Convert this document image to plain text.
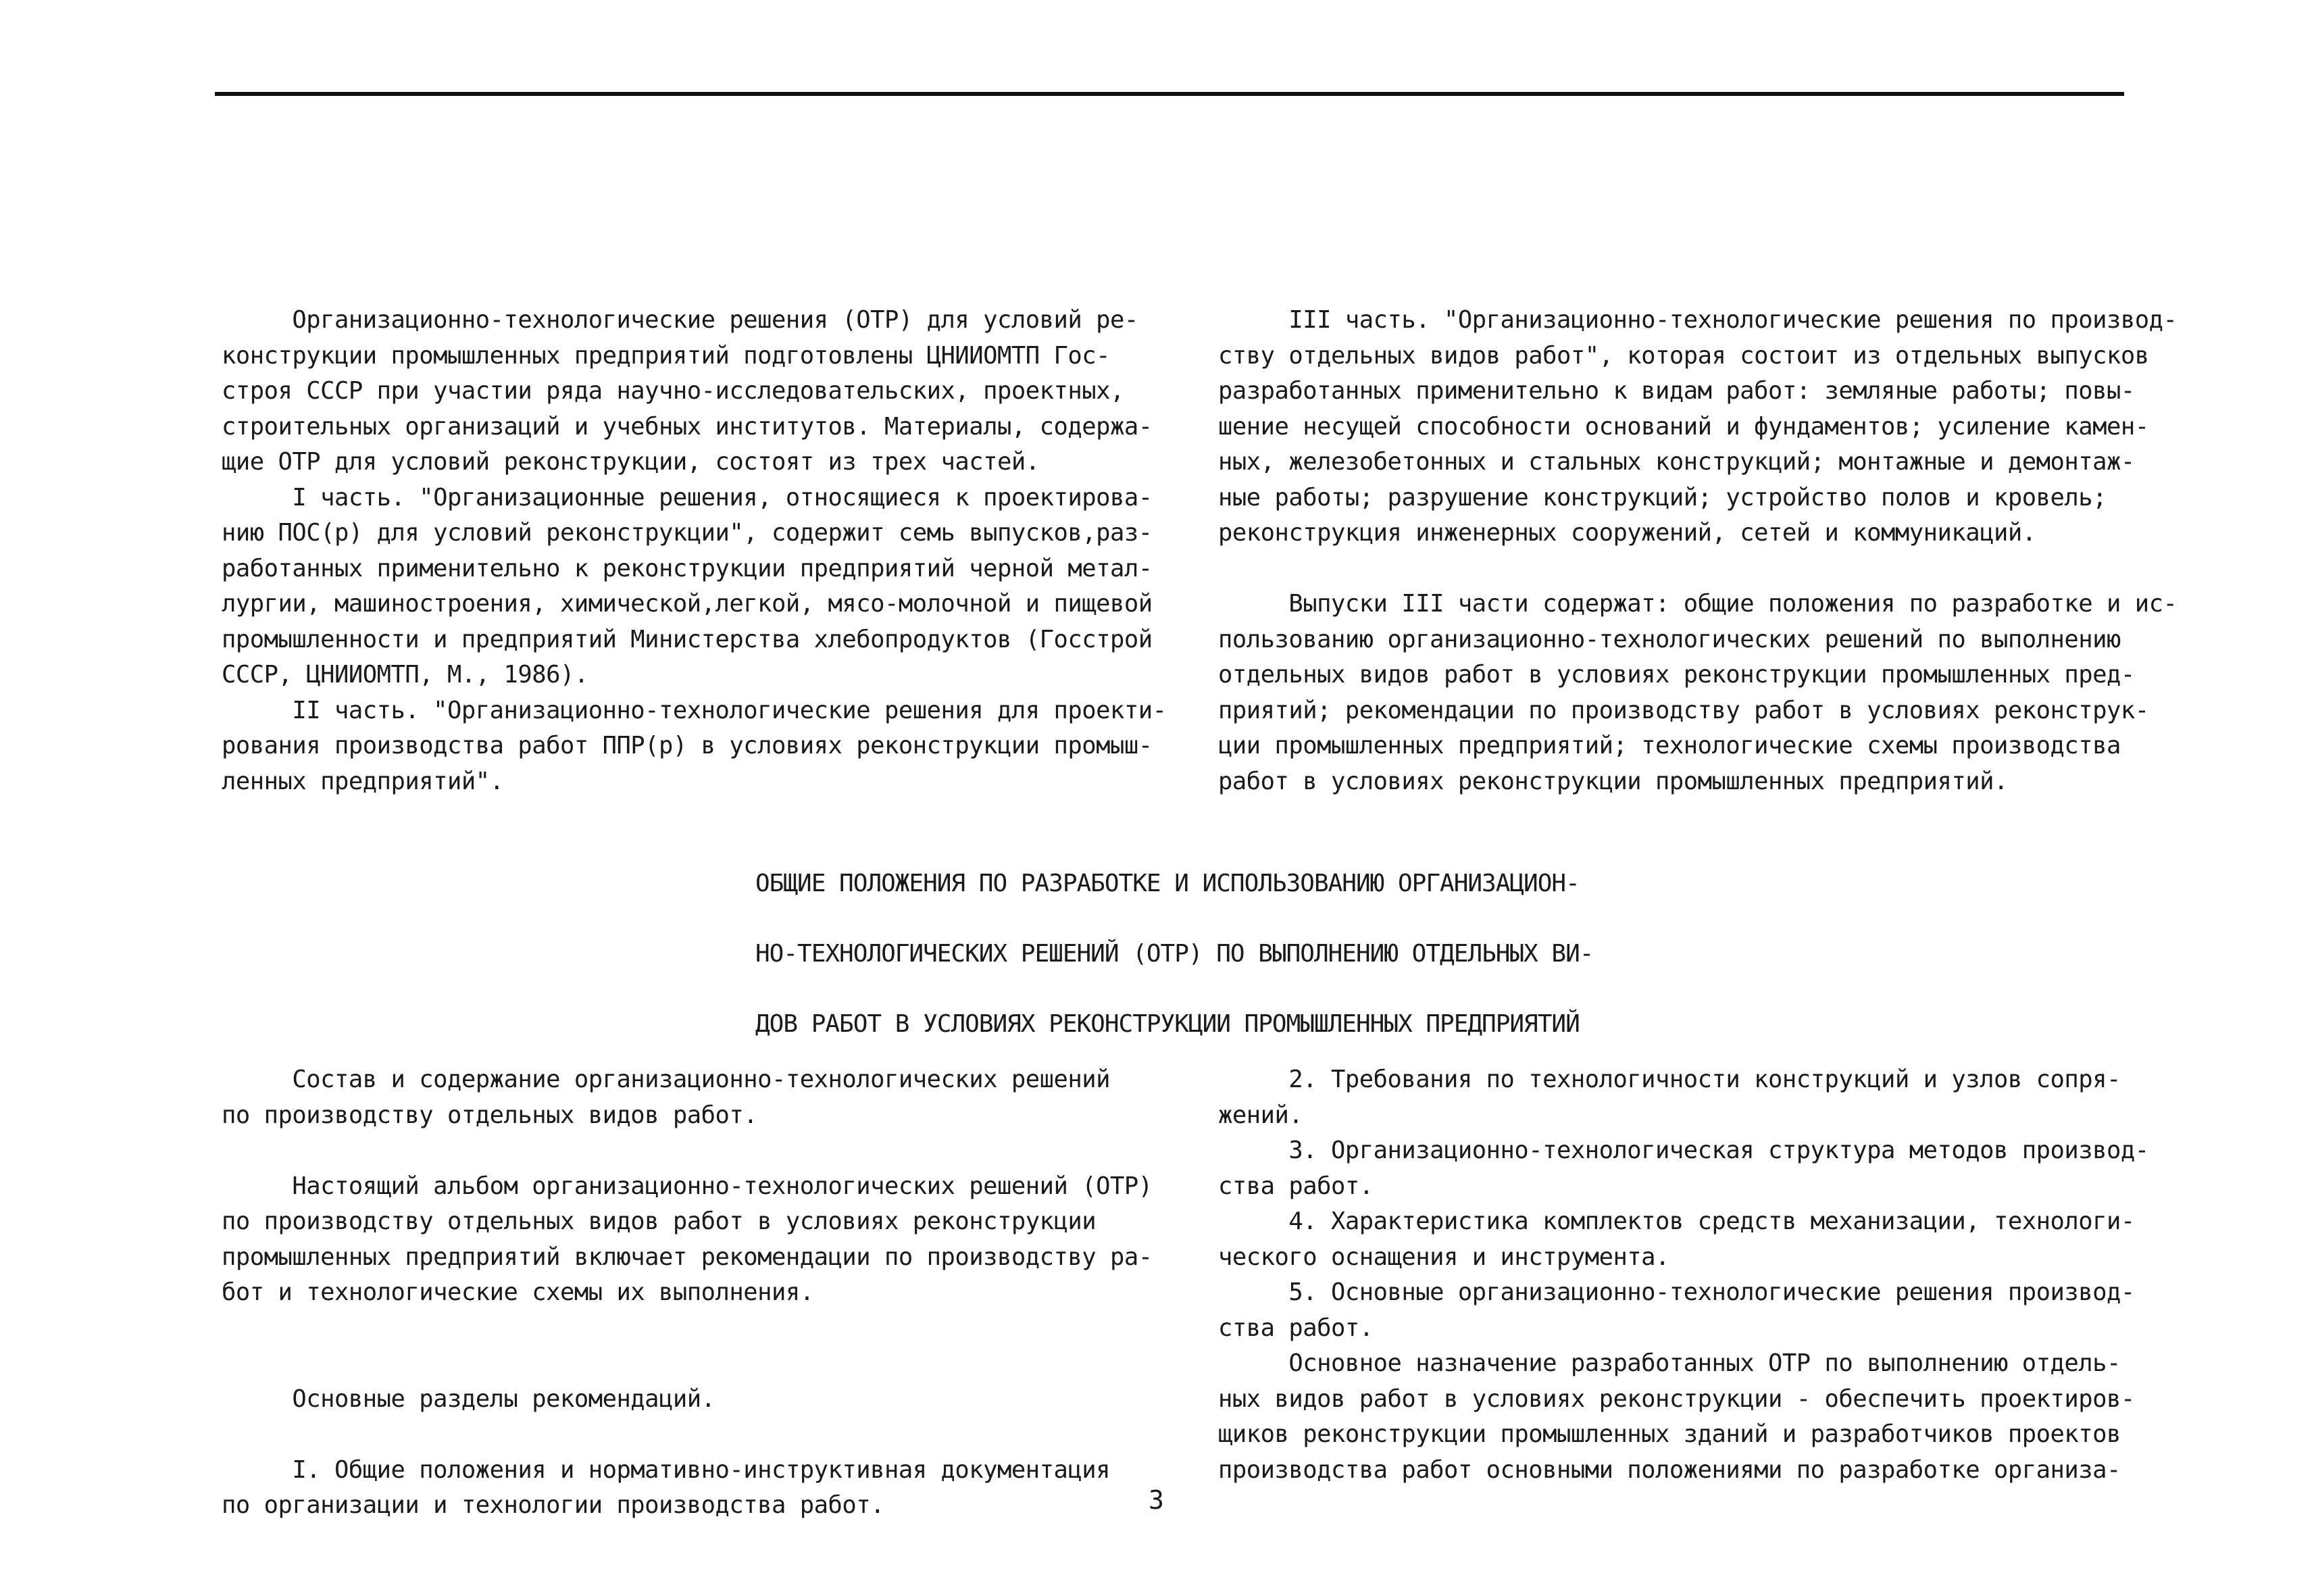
Организационно-технологические решения (ОТР) для условий ре-

конструкции промышленных предприятий подготовлены ЦНИИОМТП Гос-

строя СССР при участии ряда научно-исследовательских, проектных,

строительных организаций и учебных институтов. Материалы, содержа-

щие ОТР для условий реконструкции, состоят из трех частей.

I часть. "Организационные решения, относящиеся к проектирова-

нию ПОС(р) для условий реконструкции", содержит семь выпусков,раз-

работанных применительно к реконструкции предприятий черной метал-

лургии, машиностроения, химической,легкой, мясо-молочной и пищевой

промышленности и предприятий Министерства хлебопродуктов (Госстрой

СССР, ЦНИИОМТП, М., 1986).

II часть. "Организационно-технологические решения для проекти-

рования производства работ ППР(р) в условиях реконструкции промыш-

ленных предприятий".

III часть. "Организационно-технологические решения по производ-

ству отдельных видов работ", которая состоит из отдельных выпусков

разработанных применительно к видам работ: земляные работы; повы-

шение несущей способности оснований и фундаментов; усиление камен-

ных, железобетонных и стальных конструкций; монтажные и демонтаж-

ные работы; разрушение конструкций; устройство полов и кровель;

реконструкция инженерных сооружений, сетей и коммуникаций.

Выпуски III части содержат: общие положения по разработке и ис-

пользованию организационно-технологических решений по выполнению

отдельных видов работ в условиях реконструкции промышленных пред-

приятий; рекомендации по производству работ в условиях реконструк-

ции промышленных предприятий; технологические схемы производства

работ в условиях реконструкции промышленных предприятий.

ОБЩИЕ ПОЛОЖЕНИЯ ПО РАЗРАБОТКЕ И ИСПОЛЬЗОВАНИЮ ОРГАНИЗАЦИОН-

НО-ТЕХНОЛОГИЧЕСКИХ РЕШЕНИЙ (ОТР) ПО ВЫПОЛНЕНИЮ ОТДЕЛЬНЫХ ВИ-

ДОВ РАБОТ В УСЛОВИЯХ РЕКОНСТРУКЦИИ ПРОМЫШЛЕННЫХ ПРЕДПРИЯТИЙ

Состав и содержание организационно-технологических решений

по производству отдельных видов работ.

Настоящий альбом организационно-технологических решений (ОТР)

по производству отдельных видов работ в условиях реконструкции

промышленных предприятий включает рекомендации по производству ра-

бот и технологические схемы их выполнения.

Основные разделы рекомендаций.

I. Общие положения и нормативно-инструктивная документация

по организации и технологии производства работ.

2. Требования по технологичности конструкций и узлов сопря-

жений.

3. Организационно-технологическая структура методов производ-

ства работ.

4. Характеристика комплектов средств механизации, технологи-

ческого оснащения и инструмента.

5. Основные организационно-технологические решения производ-

ства работ.

Основное назначение разработанных ОТР по выполнению отдель-

ных видов работ в условиях реконструкции - обеспечить проектиров-

щиков реконструкции промышленных зданий и разработчиков проектов

производства работ основными положениями по разработке организа-

3
